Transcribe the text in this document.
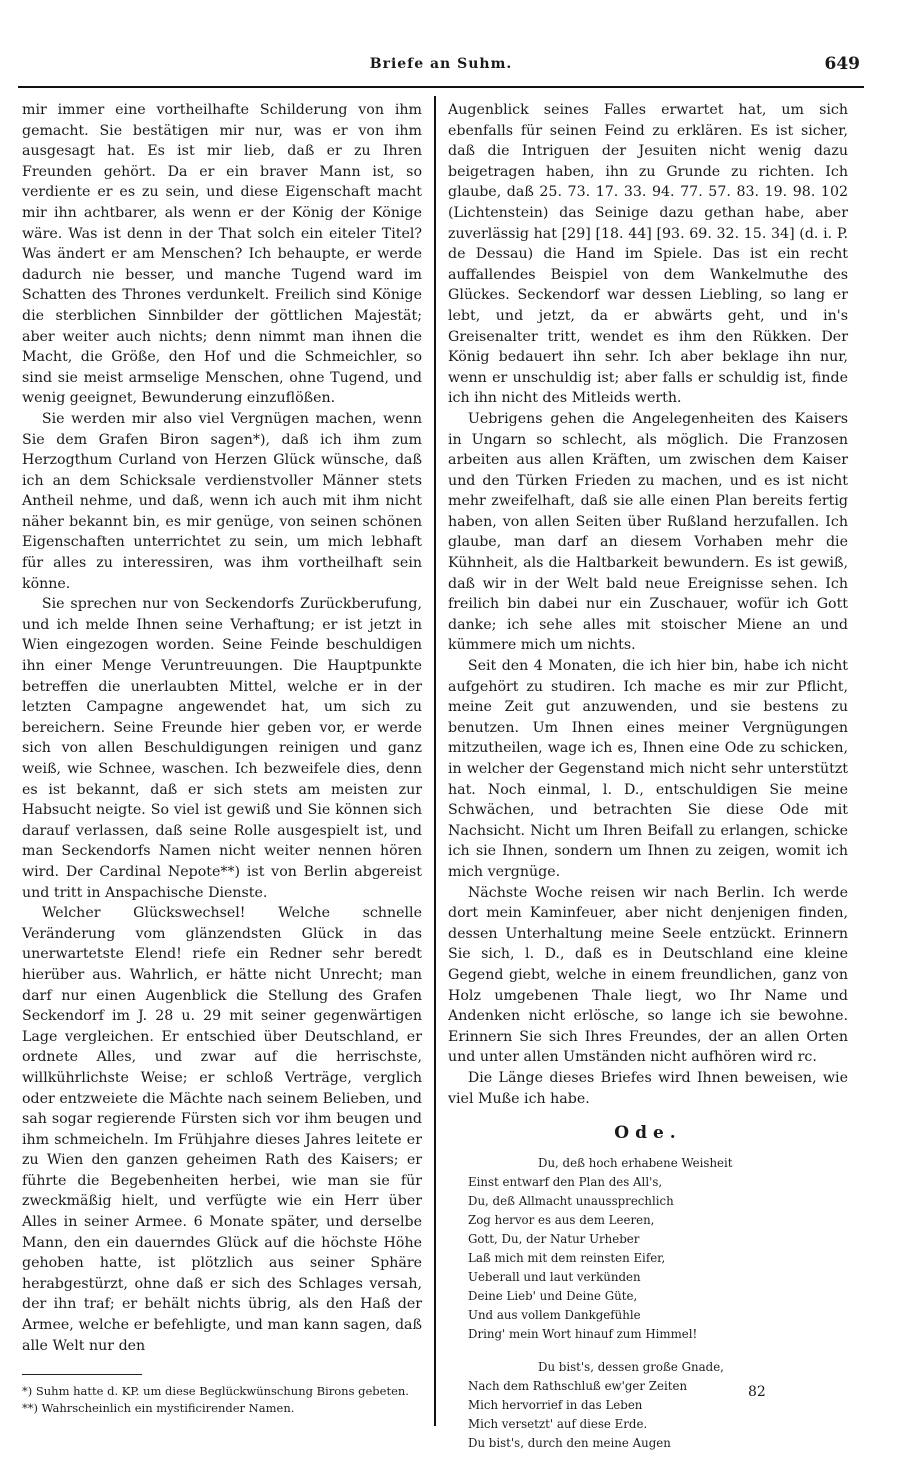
Briefe an Suhm.	649

mir immer eine vortheilhafte Schilderung von ihm gemacht. Sie bestätigen mir nur, was er von ihm ausgesagt hat. Es ist mir lieb, daß er zu Ihren Freunden gehört. Da er ein braver Mann ist, so verdiente er es zu sein, und diese Eigenschaft macht mir ihn achtbarer, als wenn er der König der Könige wäre. Was ist denn in der That solch ein eiteler Titel? Was ändert er am Menschen? Ich behaupte, er werde dadurch nie besser, und manche Tugend ward im Schatten des Thrones verdunkelt. Freilich sind Könige die sterblichen Sinnbilder der göttlichen Majestät; aber weiter auch nichts; denn nimmt man ihnen die Macht, die Größe, den Hof und die Schmeichler, so sind sie meist armselige Menschen, ohne Tugend, und wenig geeignet, Bewunderung einzuflößen.

Sie werden mir also viel Vergnügen machen, wenn Sie dem Grafen Biron sagen*), daß ich ihm zum Herzogthum Curland von Herzen Glück wünsche, daß ich an dem Schicksale verdienstvoller Männer stets Antheil nehme, und daß, wenn ich auch mit ihm nicht näher bekannt bin, es mir genüge, von seinen schönen Eigenschaften unterrichtet zu sein, um mich lebhaft für alles zu interessiren, was ihm vortheilhaft sein könne.

Sie sprechen nur von Seckendorfs Zurückberufung, und ich melde Ihnen seine Verhaftung; er ist jetzt in Wien eingezogen worden. Seine Feinde beschuldigen ihn einer Menge Veruntreuungen. Die Hauptpunkte betreffen die unerlaubten Mittel, welche er in der letzten Campagne angewendet hat, um sich zu bereichern. Seine Freunde hier geben vor, er werde sich von allen Beschuldigungen reinigen und ganz weiß, wie Schnee, waschen. Ich bezweifele dies, denn es ist bekannt, daß er sich stets am meisten zur Habsucht neigte. So viel ist gewiß und Sie können sich darauf verlassen, daß seine Rolle ausgespielt ist, und man Seckendorfs Namen nicht weiter nennen hören wird. Der Cardinal Nepote**) ist von Berlin abgereist und tritt in Anspachische Dienste.

Welcher Glückswechsel! Welche schnelle Veränderung vom glänzendsten Glück in das unerwartetste Elend! riefe ein Redner sehr beredt hierüber aus. Wahrlich, er hätte nicht Unrecht; man darf nur einen Augenblick die Stellung des Grafen Seckendorf im J. 28 u. 29 mit seiner gegenwärtigen Lage vergleichen. Er entschied über Deutschland, er ordnete Alles, und zwar auf die herrischste, willkührlichste Weise; er schloß Verträge, verglich oder entzweiete die Mächte nach seinem Belieben, und sah sogar regierende Fürsten sich vor ihm beugen und ihm schmeicheln. Im Frühjahre dieses Jahres leitete er zu Wien den ganzen geheimen Rath des Kaisers; er führte die Begebenheiten herbei, wie man sie für zweckmäßig hielt, und verfügte wie ein Herr über Alles in seiner Armee. 6 Monate später, und derselbe Mann, den ein dauerndes Glück auf die höchste Höhe gehoben hatte, ist plötzlich aus seiner Sphäre herabgestürzt, ohne daß er sich des Schlages versah, der ihn traf; er behält nichts übrig, als den Haß der Armee, welche er befehligte, und man kann sagen, daß alle Welt nur den

*) Suhm hatte d. KP. um diese Beglückwünschung Birons gebeten.

**) Wahrscheinlich ein mystificirender Namen.

Augenblick seines Falles erwartet hat, um sich ebenfalls für seinen Feind zu erklären. Es ist sicher, daß die Intriguen der Jesuiten nicht wenig dazu beigetragen haben, ihn zu Grunde zu richten. Ich glaube, daß 25. 73. 17. 33. 94. 77. 57. 83. 19. 98. 102 (Lichtenstein) das Seinige dazu gethan habe, aber zuverlässig hat [29] [18. 44] [93. 69. 32. 15. 34] (d. i. P. de Dessau) die Hand im Spiele. Das ist ein recht auffallendes Beispiel von dem Wankelmuthe des Glückes. Seckendorf war dessen Liebling, so lang er lebt, und jetzt, da er abwärts geht, und in's Greisenalter tritt, wendet es ihm den Rükken. Der König bedauert ihn sehr. Ich aber beklage ihn nur, wenn er unschuldig ist; aber falls er schuldig ist, finde ich ihn nicht des Mitleids werth.

Uebrigens gehen die Angelegenheiten des Kaisers in Ungarn so schlecht, als möglich. Die Franzosen arbeiten aus allen Kräften, um zwischen dem Kaiser und den Türken Frieden zu machen, und es ist nicht mehr zweifelhaft, daß sie alle einen Plan bereits fertig haben, von allen Seiten über Rußland herzufallen. Ich glaube, man darf an diesem Vorhaben mehr die Kühnheit, als die Haltbarkeit bewundern. Es ist gewiß, daß wir in der Welt bald neue Ereignisse sehen. Ich freilich bin dabei nur ein Zuschauer, wofür ich Gott danke; ich sehe alles mit stoischer Miene an und kümmere mich um nichts.

Seit den 4 Monaten, die ich hier bin, habe ich nicht aufgehört zu studiren. Ich mache es mir zur Pflicht, meine Zeit gut anzuwenden, und sie bestens zu benutzen. Um Ihnen eines meiner Vergnügungen mitzutheilen, wage ich es, Ihnen eine Ode zu schicken, in welcher der Gegenstand mich nicht sehr unterstützt hat. Noch einmal, l. D., entschuldigen Sie meine Schwächen, und betrachten Sie diese Ode mit Nachsicht. Nicht um Ihren Beifall zu erlangen, schicke ich sie Ihnen, sondern um Ihnen zu zeigen, womit ich mich vergnüge.

Nächste Woche reisen wir nach Berlin. Ich werde dort mein Kaminfeuer, aber nicht denjenigen finden, dessen Unterhaltung meine Seele entzückt. Erinnern Sie sich, l. D., daß es in Deutschland eine kleine Gegend giebt, welche in einem freundlichen, ganz von Holz umgebenen Thale liegt, wo Ihr Name und Andenken nicht erlösche, so lange ich sie bewohne. Erinnern Sie sich Ihres Freundes, der an allen Orten und unter allen Umständen nicht aufhören wird rc.

Die Länge dieses Briefes wird Ihnen beweisen, wie viel Muße ich habe.

Ode.
Du, deß hoch erhabene Weisheit
Einst entwarf den Plan des All's,
Du, deß Allmacht unaussprechlich
Zog hervor es aus dem Leeren,
Gott, Du, der Natur Urheber
Laß mich mit dem reinsten Eifer,
Ueberall und laut verkünden
Deine Lieb' und Deine Güte,
Und aus vollem Dankgefühle
Dring' mein Wort hinauf zum Himmel!
Du bist's, dessen große Gnade,
Nach dem Rathschluß ew'ger Zeiten
Mich hervorrief in das Leben
Mich versetzt' auf diese Erde.
Du bist's, durch den meine Augen
82
